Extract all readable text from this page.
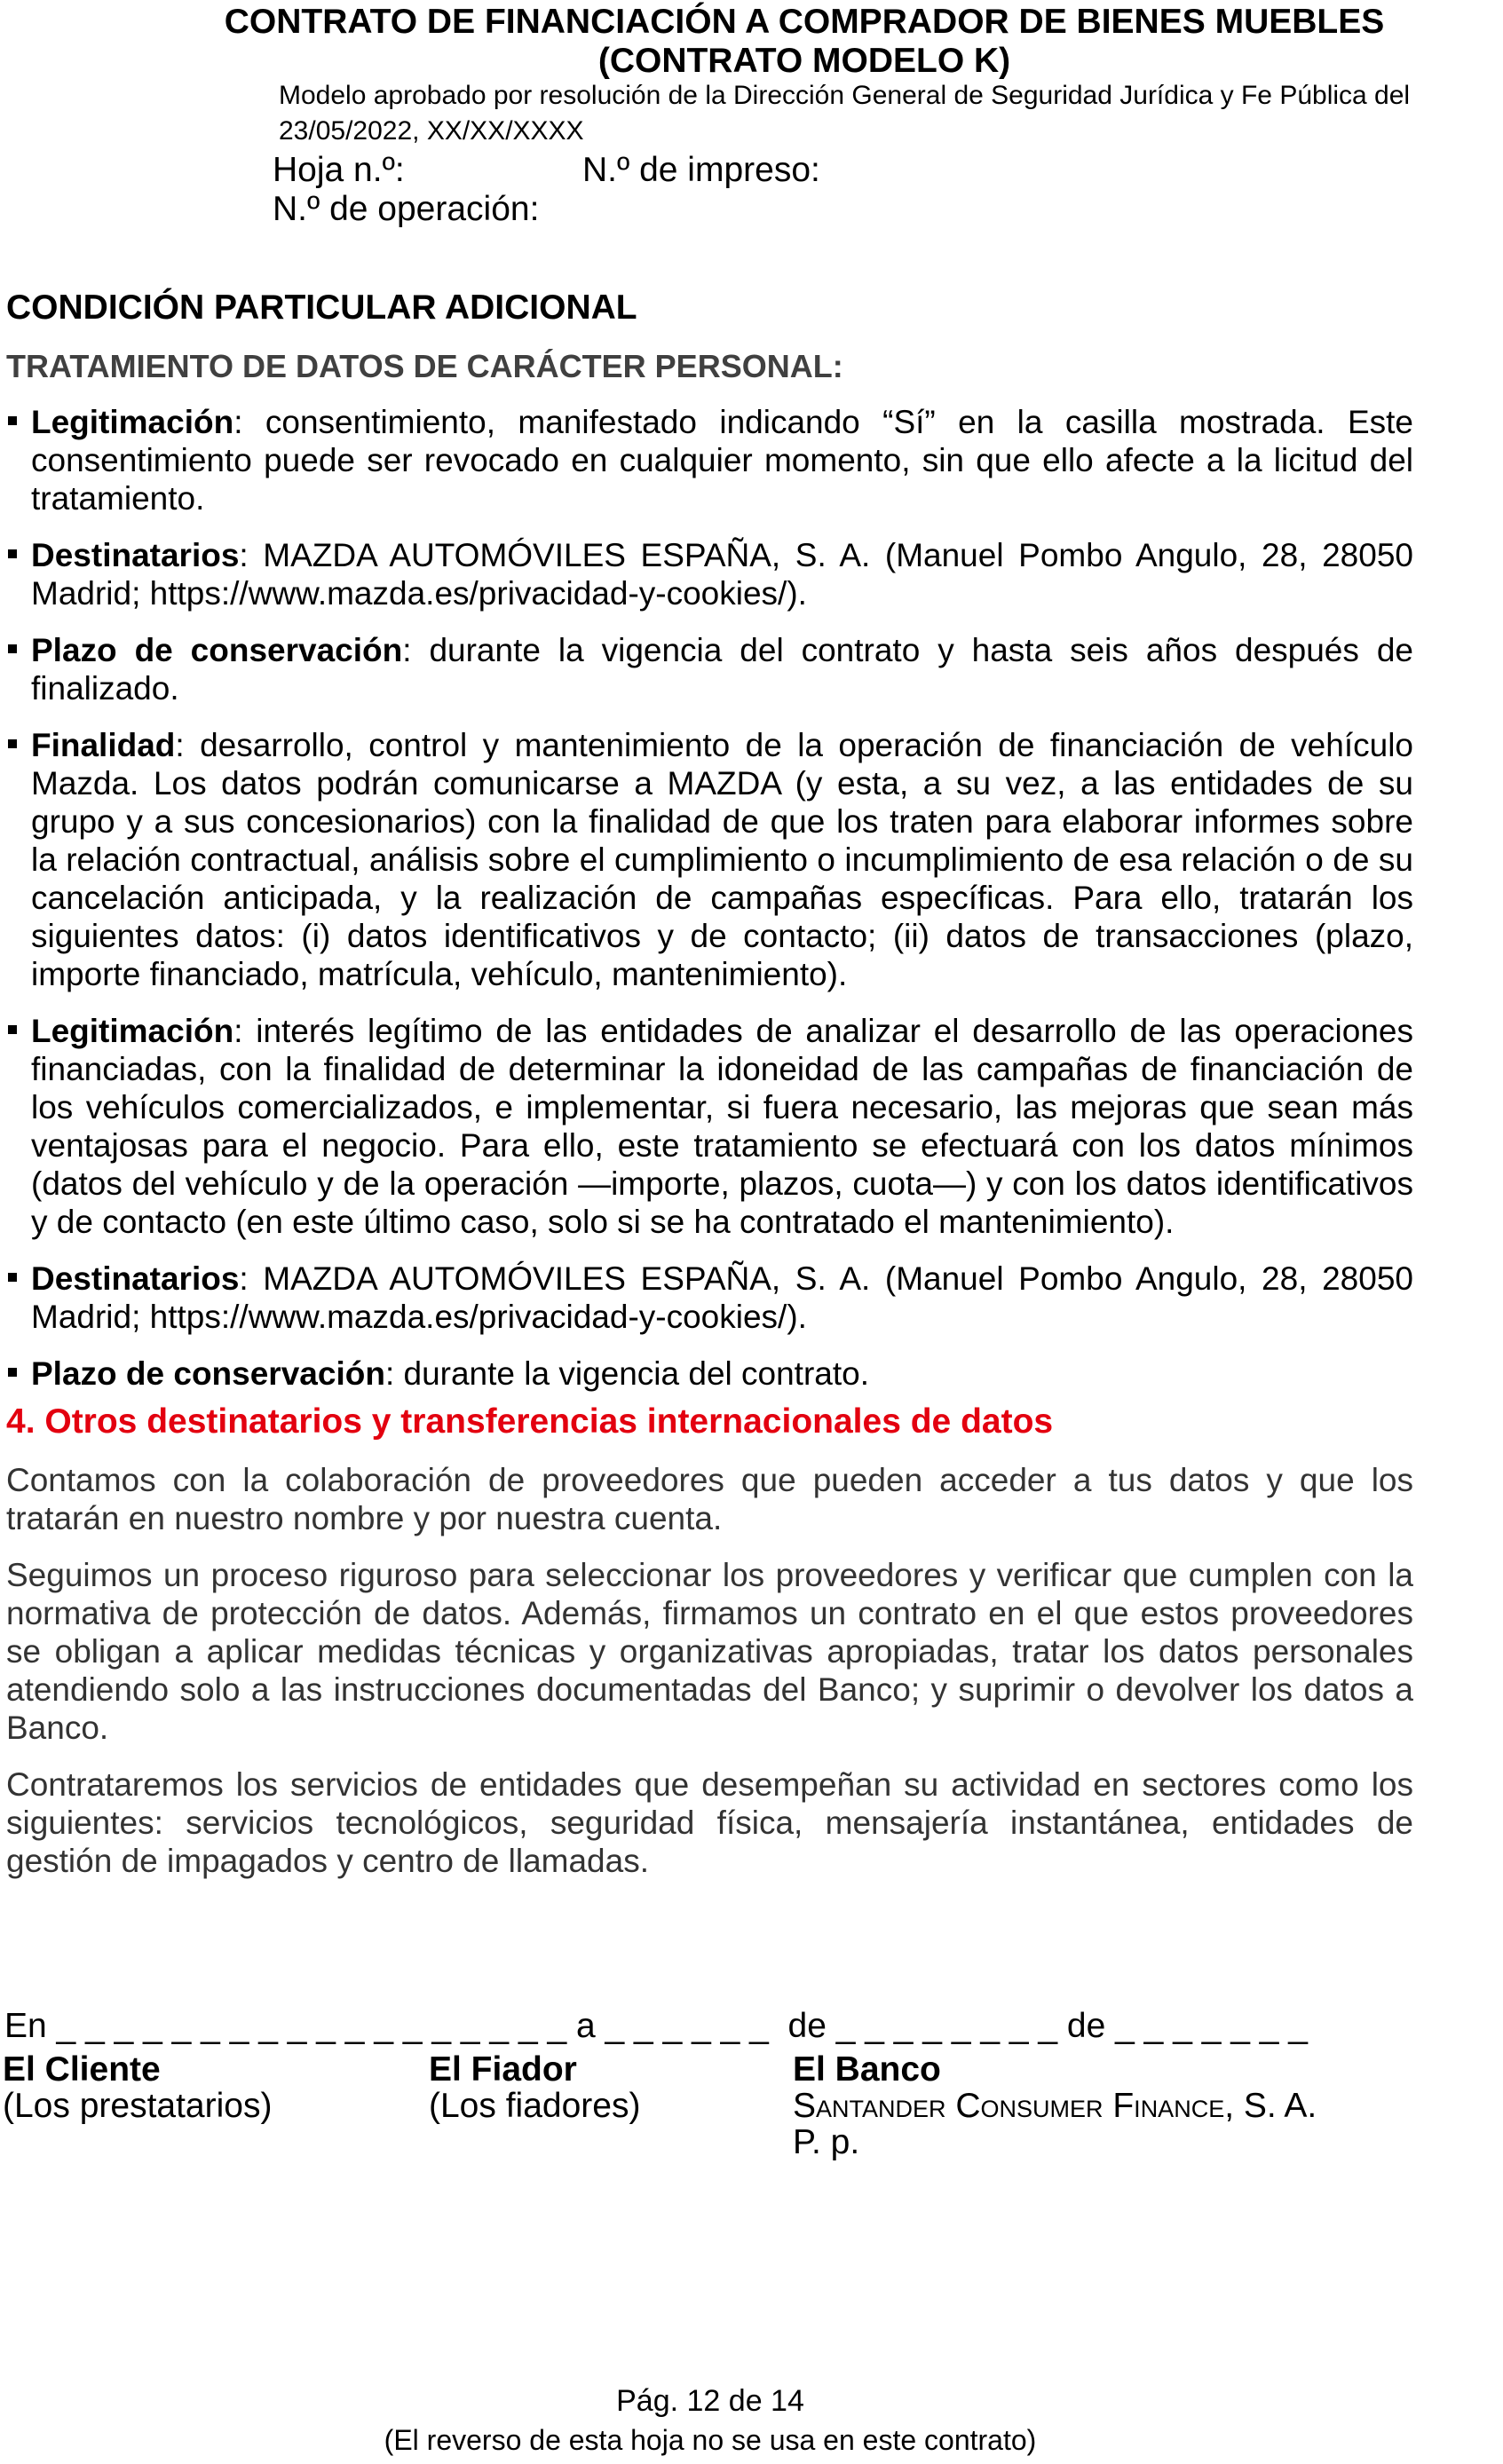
CONTRATO DE FINANCIACIÓN A COMPRADOR DE BIENES MUEBLES
(CONTRATO MODELO K)
Modelo aprobado por resolución de la Dirección General de Seguridad Jurídica y Fe Pública del
23/05/2022, XX/XX/XXXX
Hoja n.º:	N.º de impreso:
N.º de operación:
CONDICIÓN PARTICULAR ADICIONAL
TRATAMIENTO DE DATOS DE CARÁCTER PERSONAL:
Legitimación: consentimiento, manifestado indicando “Sí” en la casilla mostrada. Este consentimiento puede ser revocado en cualquier momento, sin que ello afecte a la licitud del tratamiento.
Destinatarios: MAZDA AUTOMÓVILES ESPAÑA, S. A. (Manuel Pombo Angulo, 28, 28050 Madrid; https://www.mazda.es/privacidad-y-cookies/).
Plazo de conservación: durante la vigencia del contrato y hasta seis años después de finalizado.
Finalidad: desarrollo, control y mantenimiento de la operación de financiación de vehículo Mazda. Los datos podrán comunicarse a MAZDA (y esta, a su vez, a las entidades de su grupo y a sus concesionarios) con la finalidad de que los traten para elaborar informes sobre la relación contractual, análisis sobre el cumplimiento o incumplimiento de esa relación o de su cancelación anticipada, y la realización de campañas específicas. Para ello, tratarán los siguientes datos: (i) datos identificativos y de contacto; (ii) datos de transacciones (plazo, importe financiado, matrícula, vehículo, mantenimiento).
Legitimación: interés legítimo de las entidades de analizar el desarrollo de las operaciones financiadas, con la finalidad de determinar la idoneidad de las campañas de financiación de los vehículos comercializados, e implementar, si fuera necesario, las mejoras que sean más ventajosas para el negocio. Para ello, este tratamiento se efectuará con los datos mínimos (datos del vehículo y de la operación —importe, plazos, cuota—) y con los datos identificativos y de contacto (en este último caso, solo si se ha contratado el mantenimiento).
Destinatarios: MAZDA AUTOMÓVILES ESPAÑA, S. A. (Manuel Pombo Angulo, 28, 28050 Madrid; https://www.mazda.es/privacidad-y-cookies/).
Plazo de conservación: durante la vigencia del contrato.
4. Otros destinatarios y transferencias internacionales de datos

Contamos con la colaboración de proveedores que pueden acceder a tus datos y que los tratarán en nuestro nombre y por nuestra cuenta.

Seguimos un proceso riguroso para seleccionar los proveedores y verificar que cumplen con la normativa de protección de datos. Además, firmamos un contrato en el que estos proveedores se obligan a aplicar medidas técnicas y organizativas apropiadas, tratar los datos personales atendiendo solo a las instrucciones documentadas del Banco; y suprimir o devolver los datos a Banco.

Contrataremos los servicios de entidades que desempeñan su actividad en sectores como los siguientes: servicios tecnológicos, seguridad física, mensajería instantánea, entidades de gestión de impagados y centro de llamadas.

En _ _ _ _ _ _ _ _ _ _ _ _ _ _ _ _ _ _ a _ _ _ _ _ _  de _ _ _ _ _ _ _ _ de _ _ _ _ _ _ _
El Cliente
(Los prestatarios)
El Fiador
(Los fiadores)
El Banco
Santander Consumer Finance, S. A.
P. p.
Pág. 12 de 14
(El reverso de esta hoja no se usa en este contrato)
